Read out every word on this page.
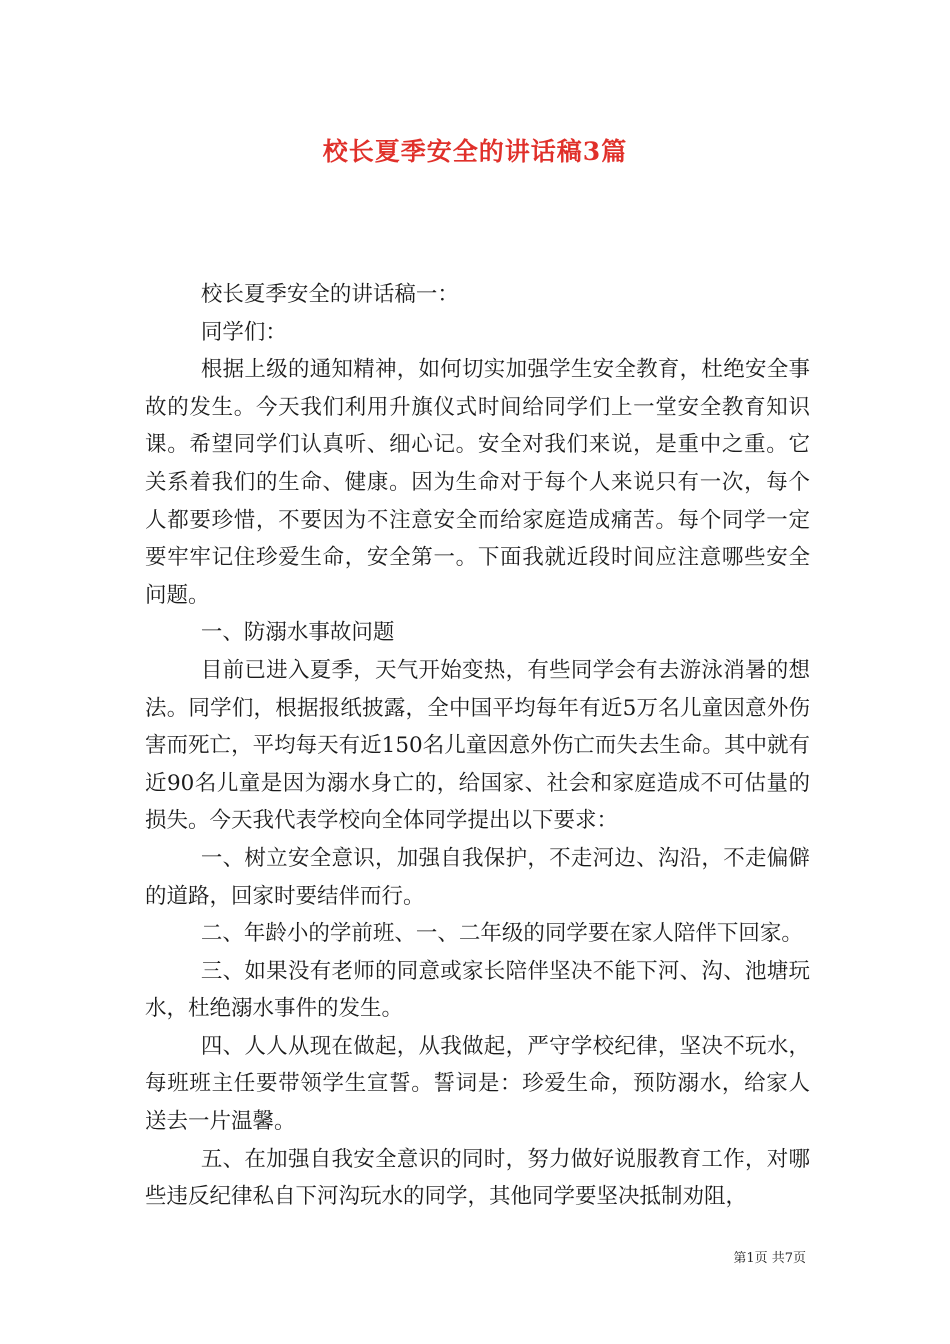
校长夏季安全的讲话稿3篇

校长夏季安全的讲话稿一：

同学们：

根据上级的通知精神，如何切实加强学生安全教育，杜绝安全事故的发生。今天我们利用升旗仪式时间给同学们上一堂安全教育知识课。希望同学们认真听、细心记。安全对我们来说，是重中之重。它关系着我们的生命、健康。因为生命对于每个人来说只有一次，每个人都要珍惜，不要因为不注意安全而给家庭造成痛苦。每个同学一定要牢牢记住珍爱生命，安全第一。下面我就近段时间应注意哪些安全问题。

一、防溺水事故问题

目前已进入夏季，天气开始变热，有些同学会有去游泳消暑的想法。同学们，根据报纸披露，全中国平均每年有近5万名儿童因意外伤害而死亡，平均每天有近150名儿童因意外伤亡而失去生命。其中就有近90名儿童是因为溺水身亡的，给国家、社会和家庭造成不可估量的损失。今天我代表学校向全体同学提出以下要求：

一、树立安全意识，加强自我保护，不走河边、沟沿，不走偏僻的道路，回家时要结伴而行。

二、年龄小的学前班、一、二年级的同学要在家人陪伴下回家。

三、如果没有老师的同意或家长陪伴坚决不能下河、沟、池塘玩水，杜绝溺水事件的发生。

四、人人从现在做起，从我做起，严守学校纪律，坚决不玩水，每班班主任要带领学生宣誓。誓词是：珍爱生命，预防溺水，给家人送去一片温馨。

五、在加强自我安全意识的同时，努力做好说服教育工作，对哪些违反纪律私自下河沟玩水的同学，其他同学要坚决抵制劝阻，

第1页 共7页
